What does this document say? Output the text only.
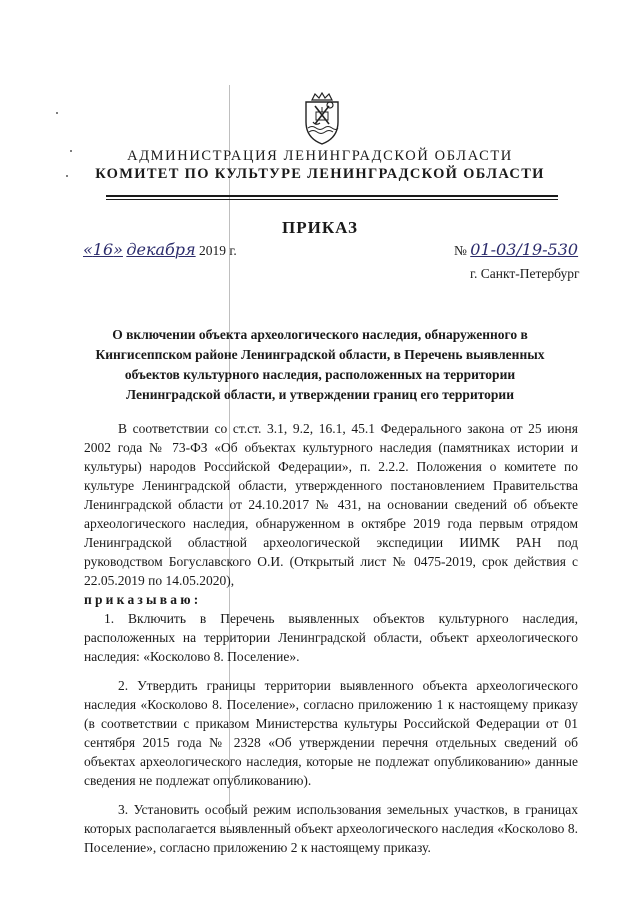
АДМИНИСТРАЦИЯ ЛЕНИНГРАДСКОЙ ОБЛАСТИ
КОМИТЕТ ПО КУЛЬТУРЕ ЛЕНИНГРАДСКОЙ ОБЛАСТИ
ПРИКАЗ
«16» декабря 2019 г.	№ 01-03/19-530
г. Санкт-Петербург
О включении объекта археологического наследия, обнаруженного в
Кингисеппском районе Ленинградской области, в Перечень выявленных
объектов культурного наследия, расположенных на территории
Ленинградской области, и утверждении границ его территории

В соответствии со ст.ст. 3.1, 9.2, 16.1, 45.1 Федерального закона от 25 июня 2002 года № 73-ФЗ «Об объектах культурного наследия (памятниках истории и культуры) народов Российской Федерации», п. 2.2.2. Положения о комитете по культуре Ленинградской области, утвержденного постановлением Правительства Ленинградской области от 24.10.2017 № 431, на основании сведений об объекте археологического наследия, обнаруженном в октябре 2019 года первым отрядом Ленинградской областной археологической экспедиции ИИМК РАН под руководством Богуславского О.И. (Открытый лист № 0475-2019, срок действия с 22.05.2019 по 14.05.2020),

приказываю:

1. Включить в Перечень выявленных объектов культурного наследия, расположенных на территории Ленинградской области, объект археологического наследия: «Косколово 8. Поселение».

2. Утвердить границы территории выявленного объекта археологического наследия «Косколово 8. Поселение», согласно приложению 1 к настоящему приказу (в соответствии с приказом Министерства культуры Российской Федерации от 01 сентября 2015 года № 2328 «Об утверждении перечня отдельных сведений об объектах археологического наследия, которые не подлежат опубликованию» данные сведения не подлежат опубликованию).

3. Установить особый режим использования земельных участков, в границах которых располагается выявленный объект археологического наследия «Косколово 8. Поселение», согласно приложению 2 к настоящему приказу.
